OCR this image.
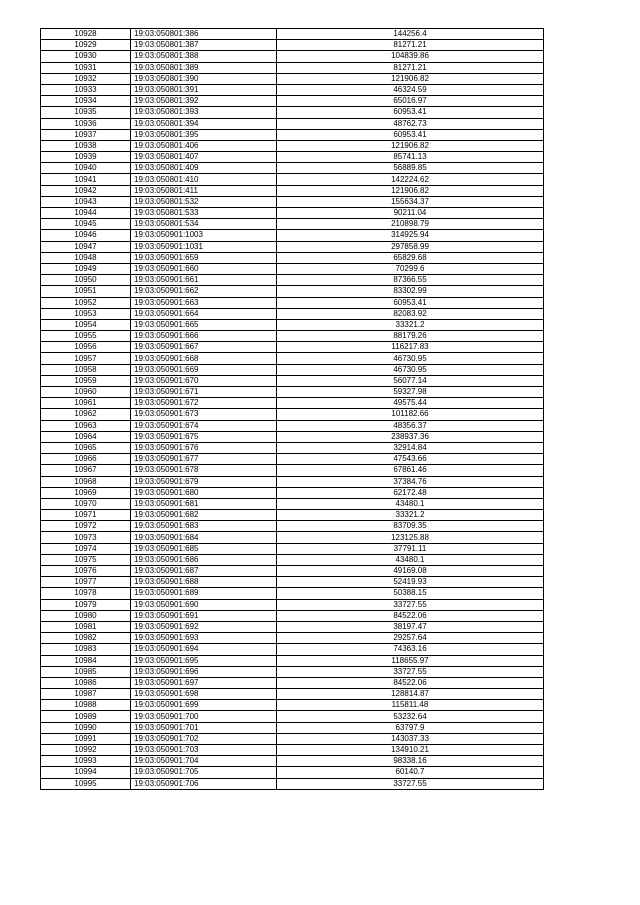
10928	19:03:050801:386	144256.4
10929	19:03:050801:387	81271.21
10930	19:03:050801:388	104839.86
10931	19:03:050801:389	81271.21
10932	19:03:050801:390	121906.82
10933	19:03:050801:391	46324.59
10934	19:03:050801:392	65016.97
10935	19:03:050801:393	60953.41
10936	19:03:050801:394	48762.73
10937	19:03:050801:395	60953.41
10938	19:03:050801:406	121906.82
10939	19:03:050801:407	85741.13
10940	19:03:050801:409	56889.85
10941	19:03:050801:410	142224.62
10942	19:03:050801:411	121906.82
10943	19:03:050801:532	155634.37
10944	19:03:050801:533	90211.04
10945	19:03:050801:534	210898.79
10946	19:03:050901:1003	314925.94
10947	19:03:050901:1031	297858.99
10948	19:03:050901:659	65829.68
10949	19:03:050901:660	70299.6
10950	19:03:050901:661	87366.55
10951	19:03:050901:662	83302.99
10952	19:03:050901:663	60953.41
10953	19:03:050901:664	82083.92
10954	19:03:050901:665	33321.2
10955	19:03:050901:666	88179.26
10956	19:03:050901:667	116217.83
10957	19:03:050901:668	46730.95
10958	19:03:050901:669	46730.95
10959	19:03:050901:670	56077.14
10960	19:03:050901:671	59327.98
10961	19:03:050901:672	49575.44
10962	19:03:050901:673	101182.66
10963	19:03:050901:674	48356.37
10964	19:03:050901:675	238937.36
10965	19:03:050901:676	32914.84
10966	19:03:050901:677	47543.66
10967	19:03:050901:678	67861.46
10968	19:03:050901:679	37384.76
10969	19:03:050901:680	62172.48
10970	19:03:050901:681	43480.1
10971	19:03:050901:682	33321.2
10972	19:03:050901:683	83709.35
10973	19:03:050901:684	123125.88
10974	19:03:050901:685	37791.11
10975	19:03:050901:686	43480.1
10976	19:03:050901:687	49169.08
10977	19:03:050901:688	52419.93
10978	19:03:050901:689	50388.15
10979	19:03:050901:690	33727.55
10980	19:03:050901:691	84522.06
10981	19:03:050901:692	38197.47
10982	19:03:050901:693	29257.64
10983	19:03:050901:694	74363.16
10984	19:03:050901:695	118655.97
10985	19:03:050901:696	33727.55
10986	19:03:050901:697	84522.06
10987	19:03:050901:698	128814.87
10988	19:03:050901:699	115811.48
10989	19:03:050901:700	53232.64
10990	19:03:050901:701	63797.9
10991	19:03:050901:702	143037.33
10992	19:03:050901:703	134910.21
10993	19:03:050901:704	98338.16
10994	19:03:050901:705	60140.7
10995	19:03:050901:706	33727.55
